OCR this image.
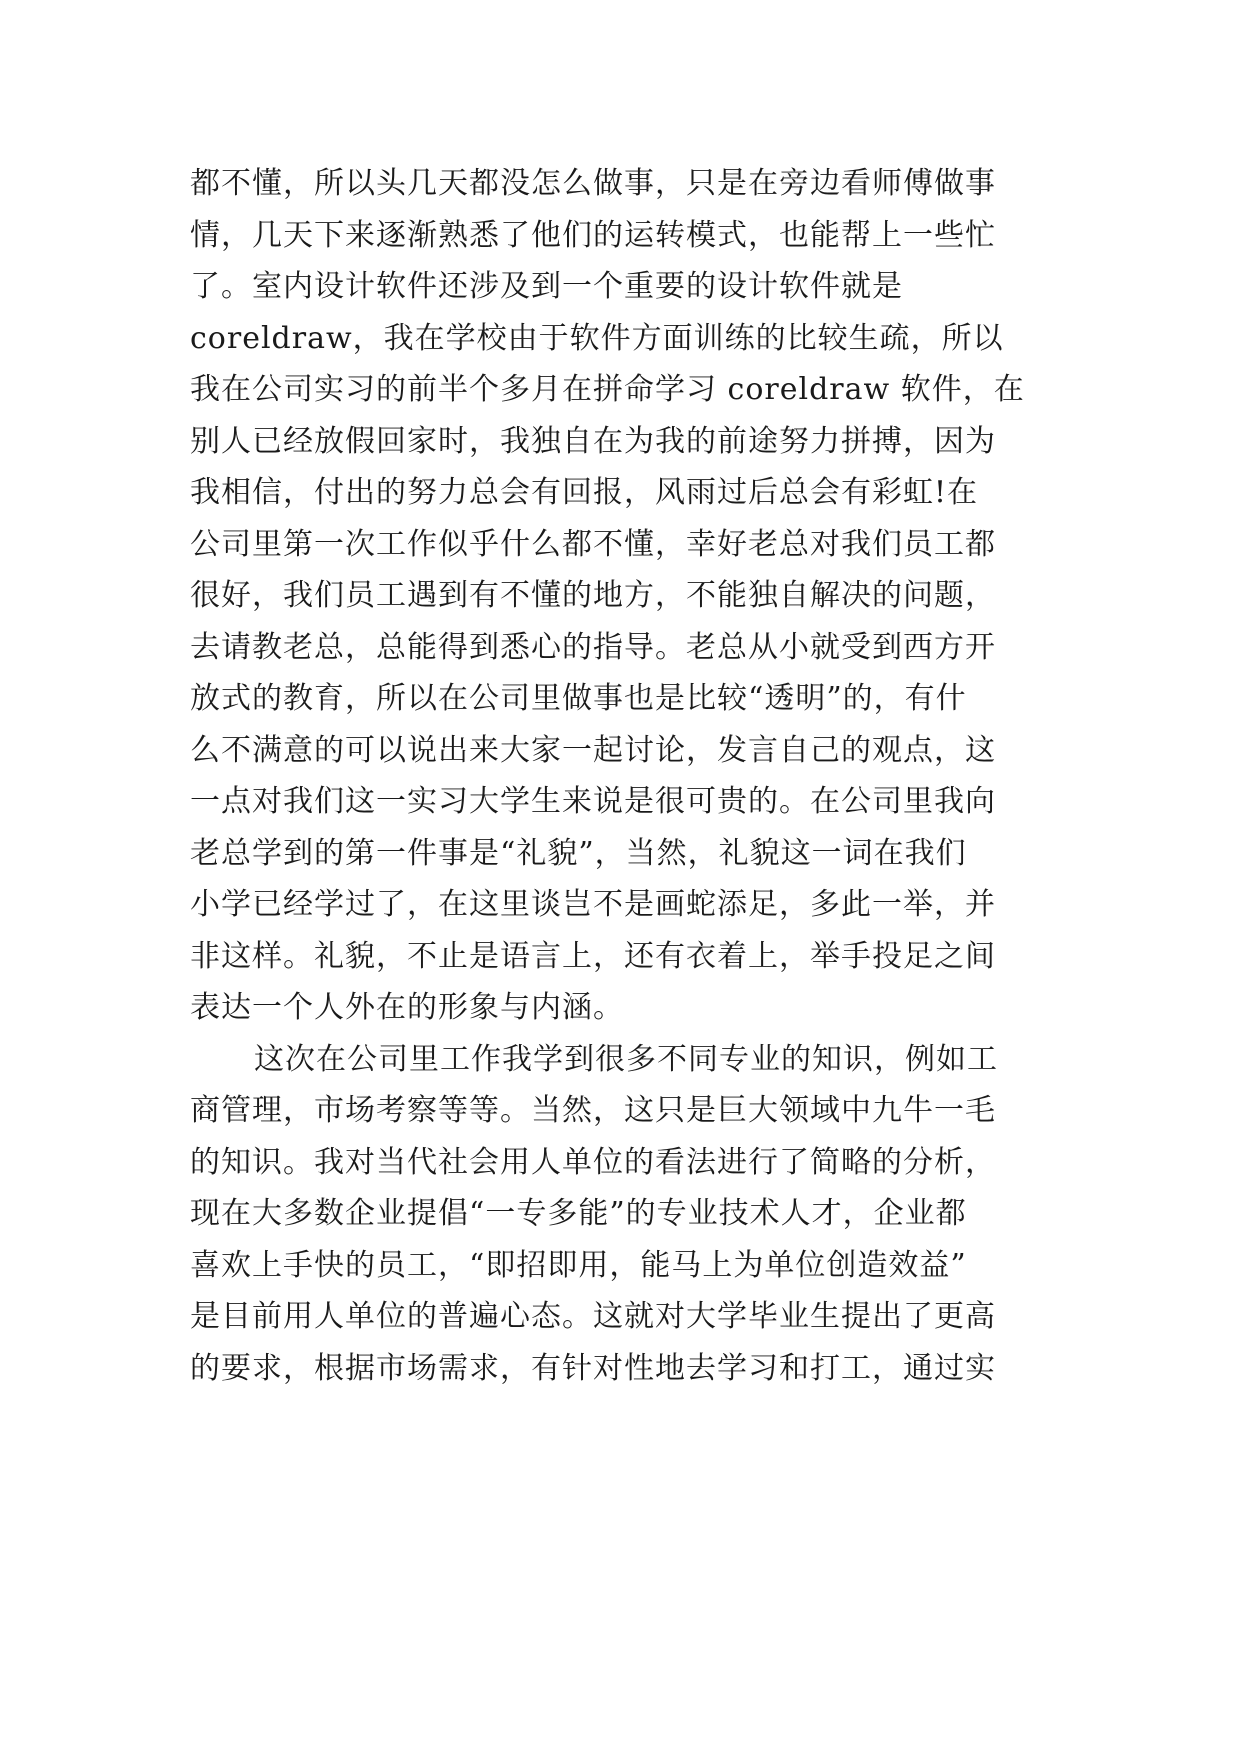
都不懂，所以头几天都没怎么做事，只是在旁边看师傅做事
情，几天下来逐渐熟悉了他们的运转模式，也能帮上一些忙
了。室内设计软件还涉及到一个重要的设计软件就是
coreldraw，我在学校由于软件方面训练的比较生疏，所以
我在公司实习的前半个多月在拼命学习 coreldraw 软件，在
别人已经放假回家时，我独自在为我的前途努力拼搏，因为
我相信，付出的努力总会有回报，风雨过后总会有彩虹!在
公司里第一次工作似乎什么都不懂，幸好老总对我们员工都
很好，我们员工遇到有不懂的地方，不能独自解决的问题，
去请教老总，总能得到悉心的指导。老总从小就受到西方开
放式的教育，所以在公司里做事也是比较“透明”的，有什
么不满意的可以说出来大家一起讨论，发言自己的观点，这
一点对我们这一实习大学生来说是很可贵的。在公司里我向
老总学到的第一件事是“礼貌”，当然，礼貌这一词在我们
小学已经学过了，在这里谈岂不是画蛇添足，多此一举，并
非这样。礼貌，不止是语言上，还有衣着上，举手投足之间
表达一个人外在的形象与内涵。
这次在公司里工作我学到很多不同专业的知识，例如工
商管理，市场考察等等。当然，这只是巨大领域中九牛一毛
的知识。我对当代社会用人单位的看法进行了简略的分析，
现在大多数企业提倡“一专多能”的专业技术人才，企业都
喜欢上手快的员工，“即招即用，能马上为单位创造效益”
是目前用人单位的普遍心态。这就对大学毕业生提出了更高
的要求，根据市场需求，有针对性地去学习和打工，通过实
